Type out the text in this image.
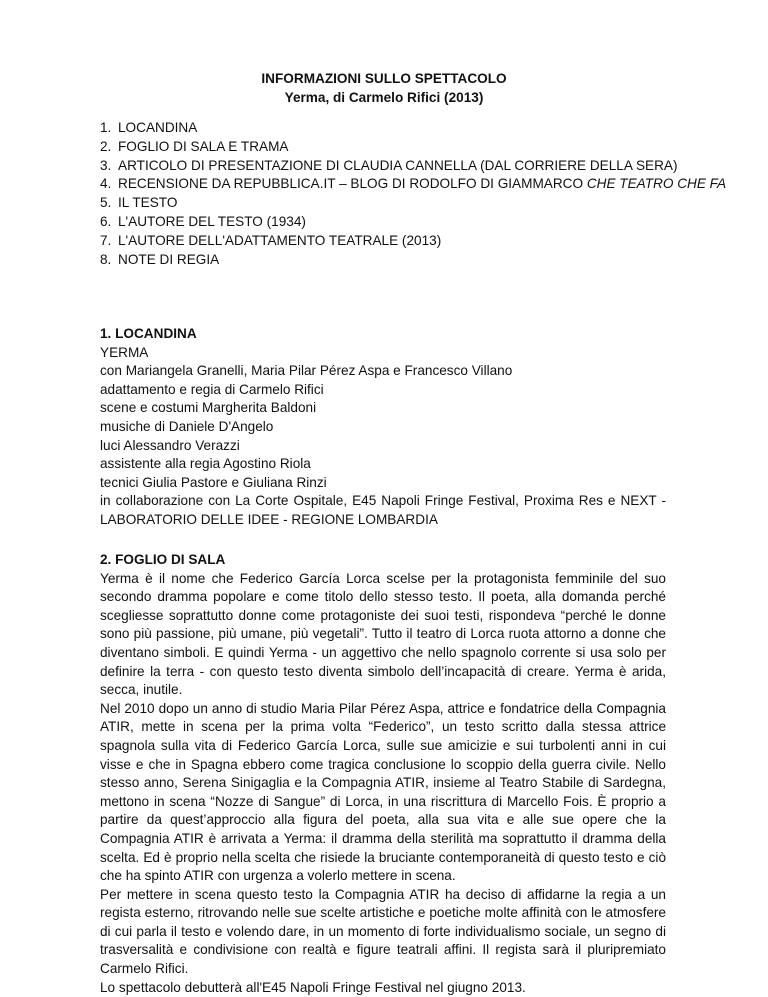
INFORMAZIONI SULLO SPETTACOLO
Yerma, di Carmelo Rifici (2013)
1. LOCANDINA
2. FOGLIO DI SALA E TRAMA
3. ARTICOLO DI PRESENTAZIONE DI CLAUDIA CANNELLA (DAL CORRIERE DELLA SERA)
4. RECENSIONE DA REPUBBLICA.IT – BLOG DI RODOLFO DI GIAMMARCO CHE TEATRO CHE FA
5. IL TESTO
6. L'AUTORE DEL TESTO (1934)
7. L'AUTORE DELL'ADATTAMENTO TEATRALE (2013)
8. NOTE DI REGIA
1. LOCANDINA
YERMA
con Mariangela Granelli, Maria Pilar Pérez Aspa e Francesco Villano
adattamento e regia di Carmelo Rifici
scene e costumi Margherita Baldoni
musiche di Daniele D'Angelo
luci Alessandro Verazzi
assistente alla regia Agostino Riola
tecnici Giulia Pastore e Giuliana Rinzi
in collaborazione con La Corte Ospitale, E45 Napoli Fringe Festival, Proxima Res e NEXT - LABORATORIO DELLE IDEE - REGIONE LOMBARDIA
2. FOGLIO DI SALA

Yerma è il nome che Federico García Lorca scelse per la protagonista femminile del suo secondo dramma popolare e come titolo dello stesso testo. Il poeta, alla domanda perché scegliesse soprattutto donne come protagoniste dei suoi testi, rispondeva “perché le donne sono più passione, più umane, più vegetali”. Tutto il teatro di Lorca ruota attorno a donne che diventano simboli. E quindi Yerma - un aggettivo che nello spagnolo corrente si usa solo per definire la terra - con questo testo diventa simbolo dell’incapacità di creare. Yerma è arida, secca, inutile.

Nel 2010 dopo un anno di studio Maria Pilar Pérez Aspa, attrice e fondatrice della Compagnia ATIR, mette in scena per la prima volta “Federico”, un testo scritto dalla stessa attrice spagnola sulla vita di Federico García Lorca, sulle sue amicizie e sui turbolenti anni in cui visse e che in Spagna ebbero come tragica conclusione lo scoppio della guerra civile. Nello stesso anno, Serena Sinigaglia e la Compagnia ATIR, insieme al Teatro Stabile di Sardegna, mettono in scena “Nozze di Sangue” di Lorca, in una riscrittura di Marcello Fois. È proprio a partire da quest’approccio alla figura del poeta, alla sua vita e alle sue opere che la Compagnia ATIR è arrivata a Yerma: il dramma della sterilità ma soprattutto il dramma della scelta. Ed è proprio nella scelta che risiede la bruciante contemporaneità di questo testo e ciò che ha spinto ATIR con urgenza a volerlo mettere in scena.

Per mettere in scena questo testo la Compagnia ATIR ha deciso di affidarne la regia a un regista esterno, ritrovando nelle sue scelte artistiche e poetiche molte affinità con le atmosfere di cui parla il testo e volendo dare, in un momento di forte individualismo sociale, un segno di trasversalità e condivisione con realtà e figure teatrali affini. Il regista sarà il pluripremiato Carmelo Rifici.

Lo spettacolo debutterà all'E45 Napoli Fringe Festival nel giugno 2013.
